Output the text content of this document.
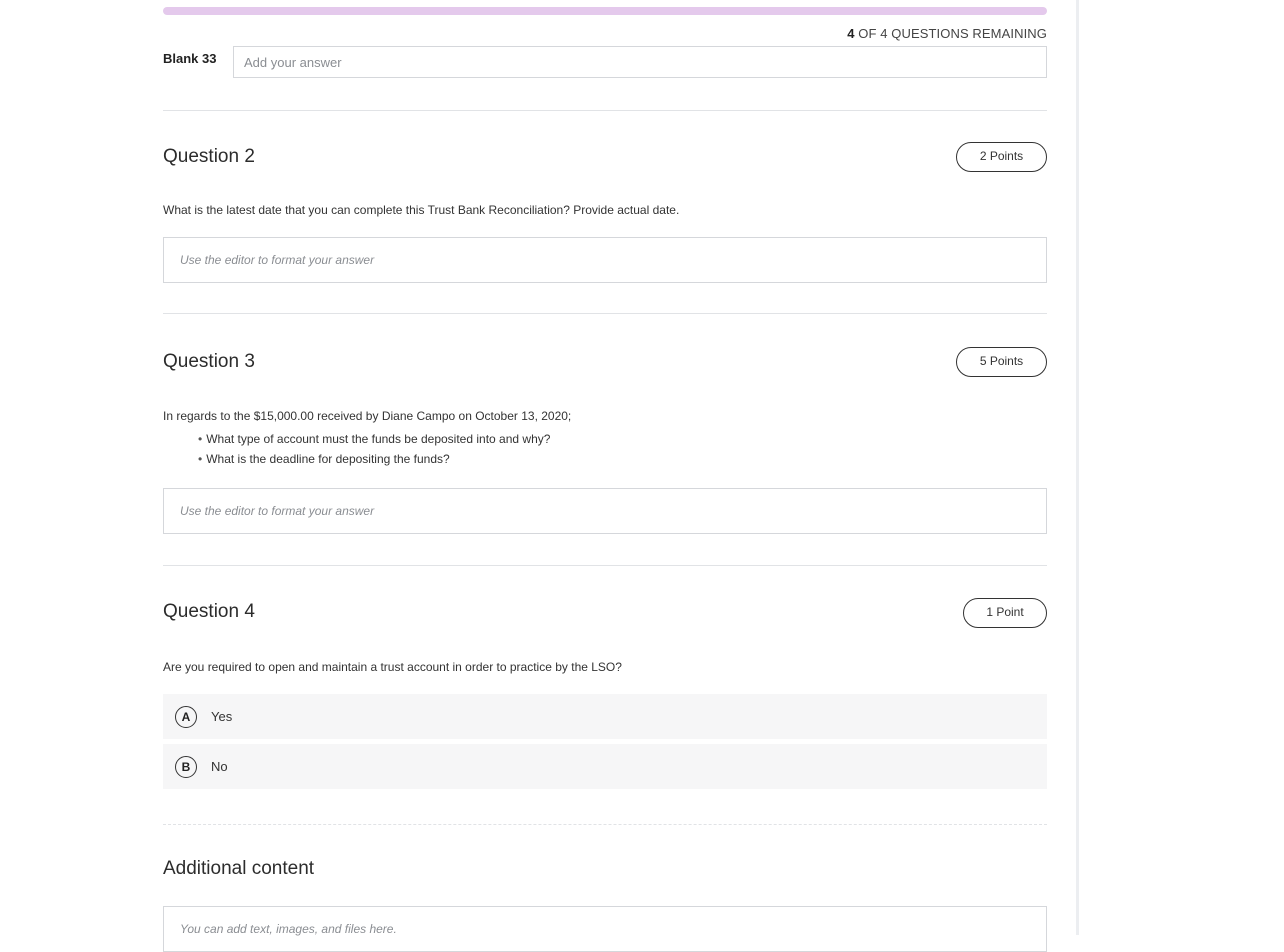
4 OF 4 QUESTIONS REMAINING
Blank 33
Add your answer
Question 2	2 Points
What is the latest date that you can complete this Trust Bank Reconciliation? Provide actual date.
Use the editor to format your answer
Question 3	5 Points
In regards to the $15,000.00 received by Diane Campo on October 13, 2020;
• What type of account must the funds be deposited into and why?
• What is the deadline for depositing the funds?
Use the editor to format your answer
Question 4	1 Point
Are you required to open and maintain a trust account in order to practice by the LSO?
A	Yes
B	No
Additional content
You can add text, images, and files here.
